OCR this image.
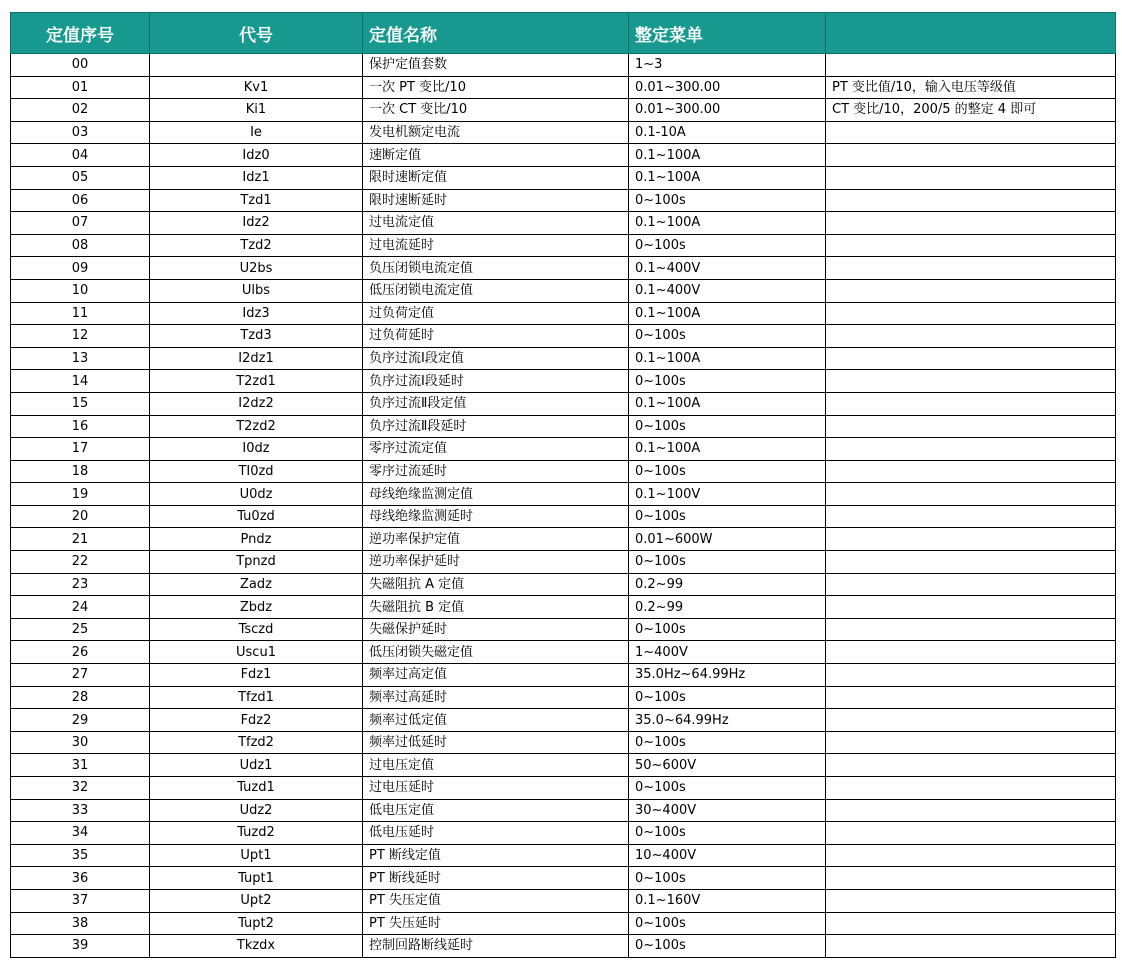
定值序号	代号	定值名称	整定菜单	
00		保护定值套数	1~3	
01	Kv1	一次 PT 变比/10	0.01~300.00	PT 变比值/10，输入电压等级值
02	Ki1	一次 CT 变比/10	0.01~300.00	CT 变比/10，200/5 的整定 4 即可
03	Ie	发电机额定电流	0.1-10A	
04	Idz0	速断定值	0.1~100A	
05	Idz1	限时速断定值	0.1~100A	
06	Tzd1	限时速断延时	0~100s	
07	Idz2	过电流定值	0.1~100A	
08	Tzd2	过电流延时	0~100s	
09	U2bs	负压闭锁电流定值	0.1~400V	
10	Ulbs	低压闭锁电流定值	0.1~400V	
11	Idz3	过负荷定值	0.1~100A	
12	Tzd3	过负荷延时	0~100s	
13	I2dz1	负序过流Ⅰ段定值	0.1~100A	
14	T2zd1	负序过流Ⅰ段延时	0~100s	
15	I2dz2	负序过流Ⅱ段定值	0.1~100A	
16	T2zd2	负序过流Ⅱ段延时	0~100s	
17	I0dz	零序过流定值	0.1~100A	
18	TI0zd	零序过流延时	0~100s	
19	U0dz	母线绝缘监测定值	0.1~100V	
20	Tu0zd	母线绝缘监测延时	0~100s	
21	Pndz	逆功率保护定值	0.01~600W	
22	Tpnzd	逆功率保护延时	0~100s	
23	Zadz	失磁阻抗 A 定值	0.2~99	
24	Zbdz	失磁阻抗 B 定值	0.2~99	
25	Tsczd	失磁保护延时	0~100s	
26	Uscu1	低压闭锁失磁定值	1~400V	
27	Fdz1	频率过高定值	35.0Hz~64.99Hz	
28	Tfzd1	频率过高延时	0~100s	
29	Fdz2	频率过低定值	35.0~64.99Hz	
30	Tfzd2	频率过低延时	0~100s	
31	Udz1	过电压定值	50~600V	
32	Tuzd1	过电压延时	0~100s	
33	Udz2	低电压定值	30~400V	
34	Tuzd2	低电压延时	0~100s	
35	Upt1	PT 断线定值	10~400V	
36	Tupt1	PT 断线延时	0~100s	
37	Upt2	PT 失压定值	0.1~160V	
38	Tupt2	PT 失压延时	0~100s	
39	Tkzdx	控制回路断线延时	0~100s	
